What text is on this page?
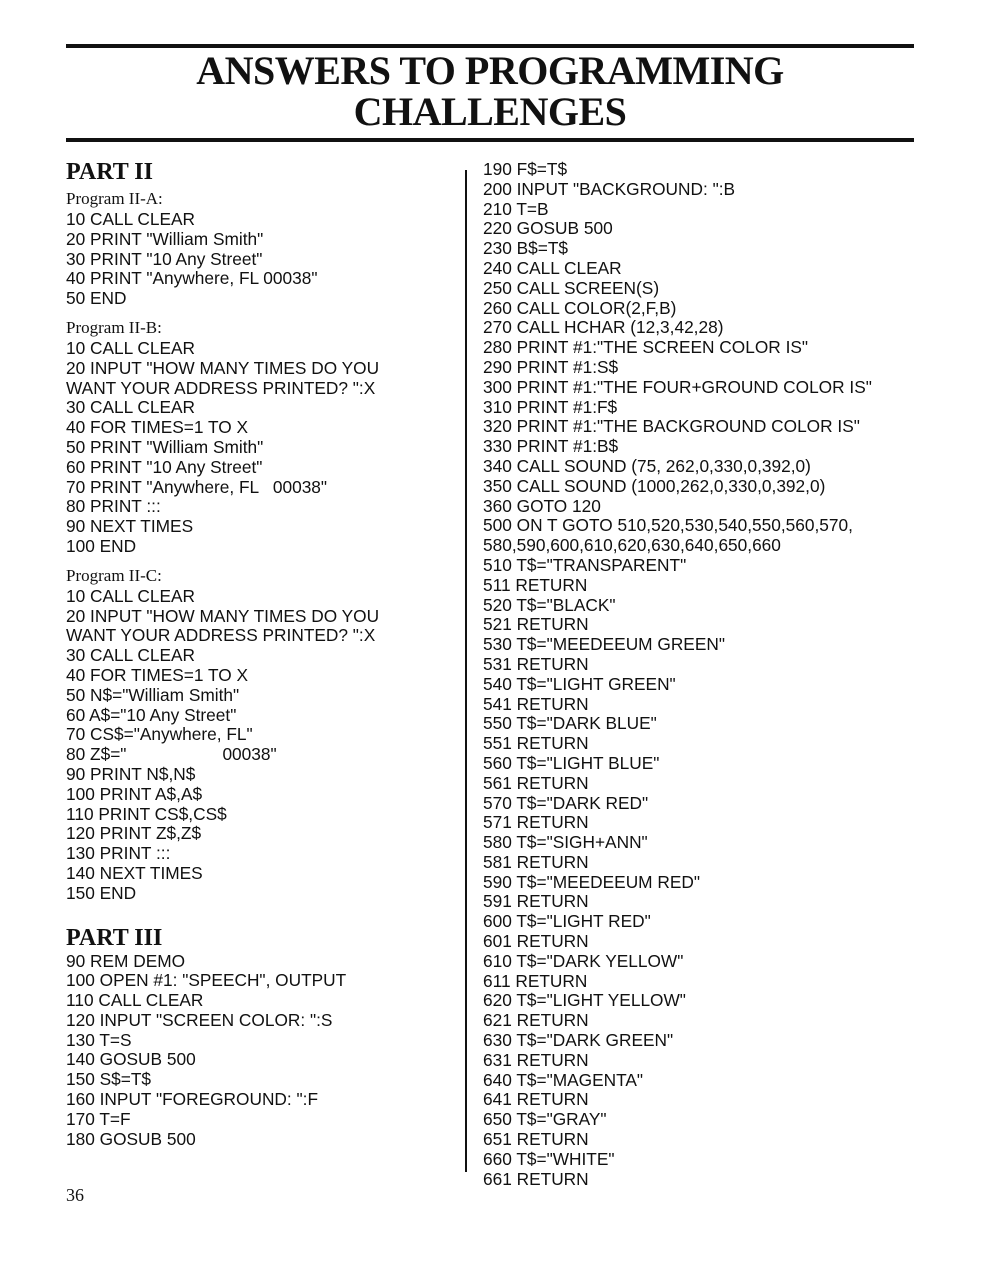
ANSWERS TO PROGRAMMING
CHALLENGES
PART II
Program II-A:
10 CALL CLEAR
20 PRINT "William Smith"
30 PRINT "10 Any Street"
40 PRINT "Anywhere, FL 00038"
50 END
Program II-B:
10 CALL CLEAR
20 INPUT "HOW MANY TIMES DO YOU
WANT YOUR ADDRESS PRINTED? ":X
30 CALL CLEAR
40 FOR TIMES=1 TO X
50 PRINT "William Smith"
60 PRINT "10 Any Street"
70 PRINT "Anywhere, FL   00038"
80 PRINT :::
90 NEXT TIMES
100 END
Program II-C:
10 CALL CLEAR
20 INPUT "HOW MANY TIMES DO YOU
WANT YOUR ADDRESS PRINTED? ":X
30 CALL CLEAR
40 FOR TIMES=1 TO X
50 N$="William Smith"
60 A$="10 Any Street"
70 CS$="Anywhere, FL"
80 Z$="                    00038"
90 PRINT N$,N$
100 PRINT A$,A$
110 PRINT CS$,CS$
120 PRINT Z$,Z$
130 PRINT :::
140 NEXT TIMES
150 END
PART III
90 REM DEMO
100 OPEN #1: "SPEECH", OUTPUT
110 CALL CLEAR
120 INPUT "SCREEN COLOR: ":S
130 T=S
140 GOSUB 500
150 S$=T$
160 INPUT "FOREGROUND: ":F
170 T=F
180 GOSUB 500
190 F$=T$
200 INPUT "BACKGROUND: ":B
210 T=B
220 GOSUB 500
230 B$=T$
240 CALL CLEAR
250 CALL SCREEN(S)
260 CALL COLOR(2,F,B)
270 CALL HCHAR (12,3,42,28)
280 PRINT #1:"THE SCREEN COLOR IS"
290 PRINT #1:S$
300 PRINT #1:"THE FOUR+GROUND COLOR IS"
310 PRINT #1:F$
320 PRINT #1:"THE BACKGROUND COLOR IS"
330 PRINT #1:B$
340 CALL SOUND (75, 262,0,330,0,392,0)
350 CALL SOUND (1000,262,0,330,0,392,0)
360 GOTO 120
500 ON T GOTO 510,520,530,540,550,560,570,
580,590,600,610,620,630,640,650,660
510 T$="TRANSPARENT"
511 RETURN
520 T$="BLACK"
521 RETURN
530 T$="MEEDEEUM GREEN"
531 RETURN
540 T$="LIGHT GREEN"
541 RETURN
550 T$="DARK BLUE"
551 RETURN
560 T$="LIGHT BLUE"
561 RETURN
570 T$="DARK RED"
571 RETURN
580 T$="SIGH+ANN"
581 RETURN
590 T$="MEEDEEUM RED"
591 RETURN
600 T$="LIGHT RED"
601 RETURN
610 T$="DARK YELLOW"
611 RETURN
620 T$="LIGHT YELLOW"
621 RETURN
630 T$="DARK GREEN"
631 RETURN
640 T$="MAGENTA"
641 RETURN
650 T$="GRAY"
651 RETURN
660 T$="WHITE"
661 RETURN
36
